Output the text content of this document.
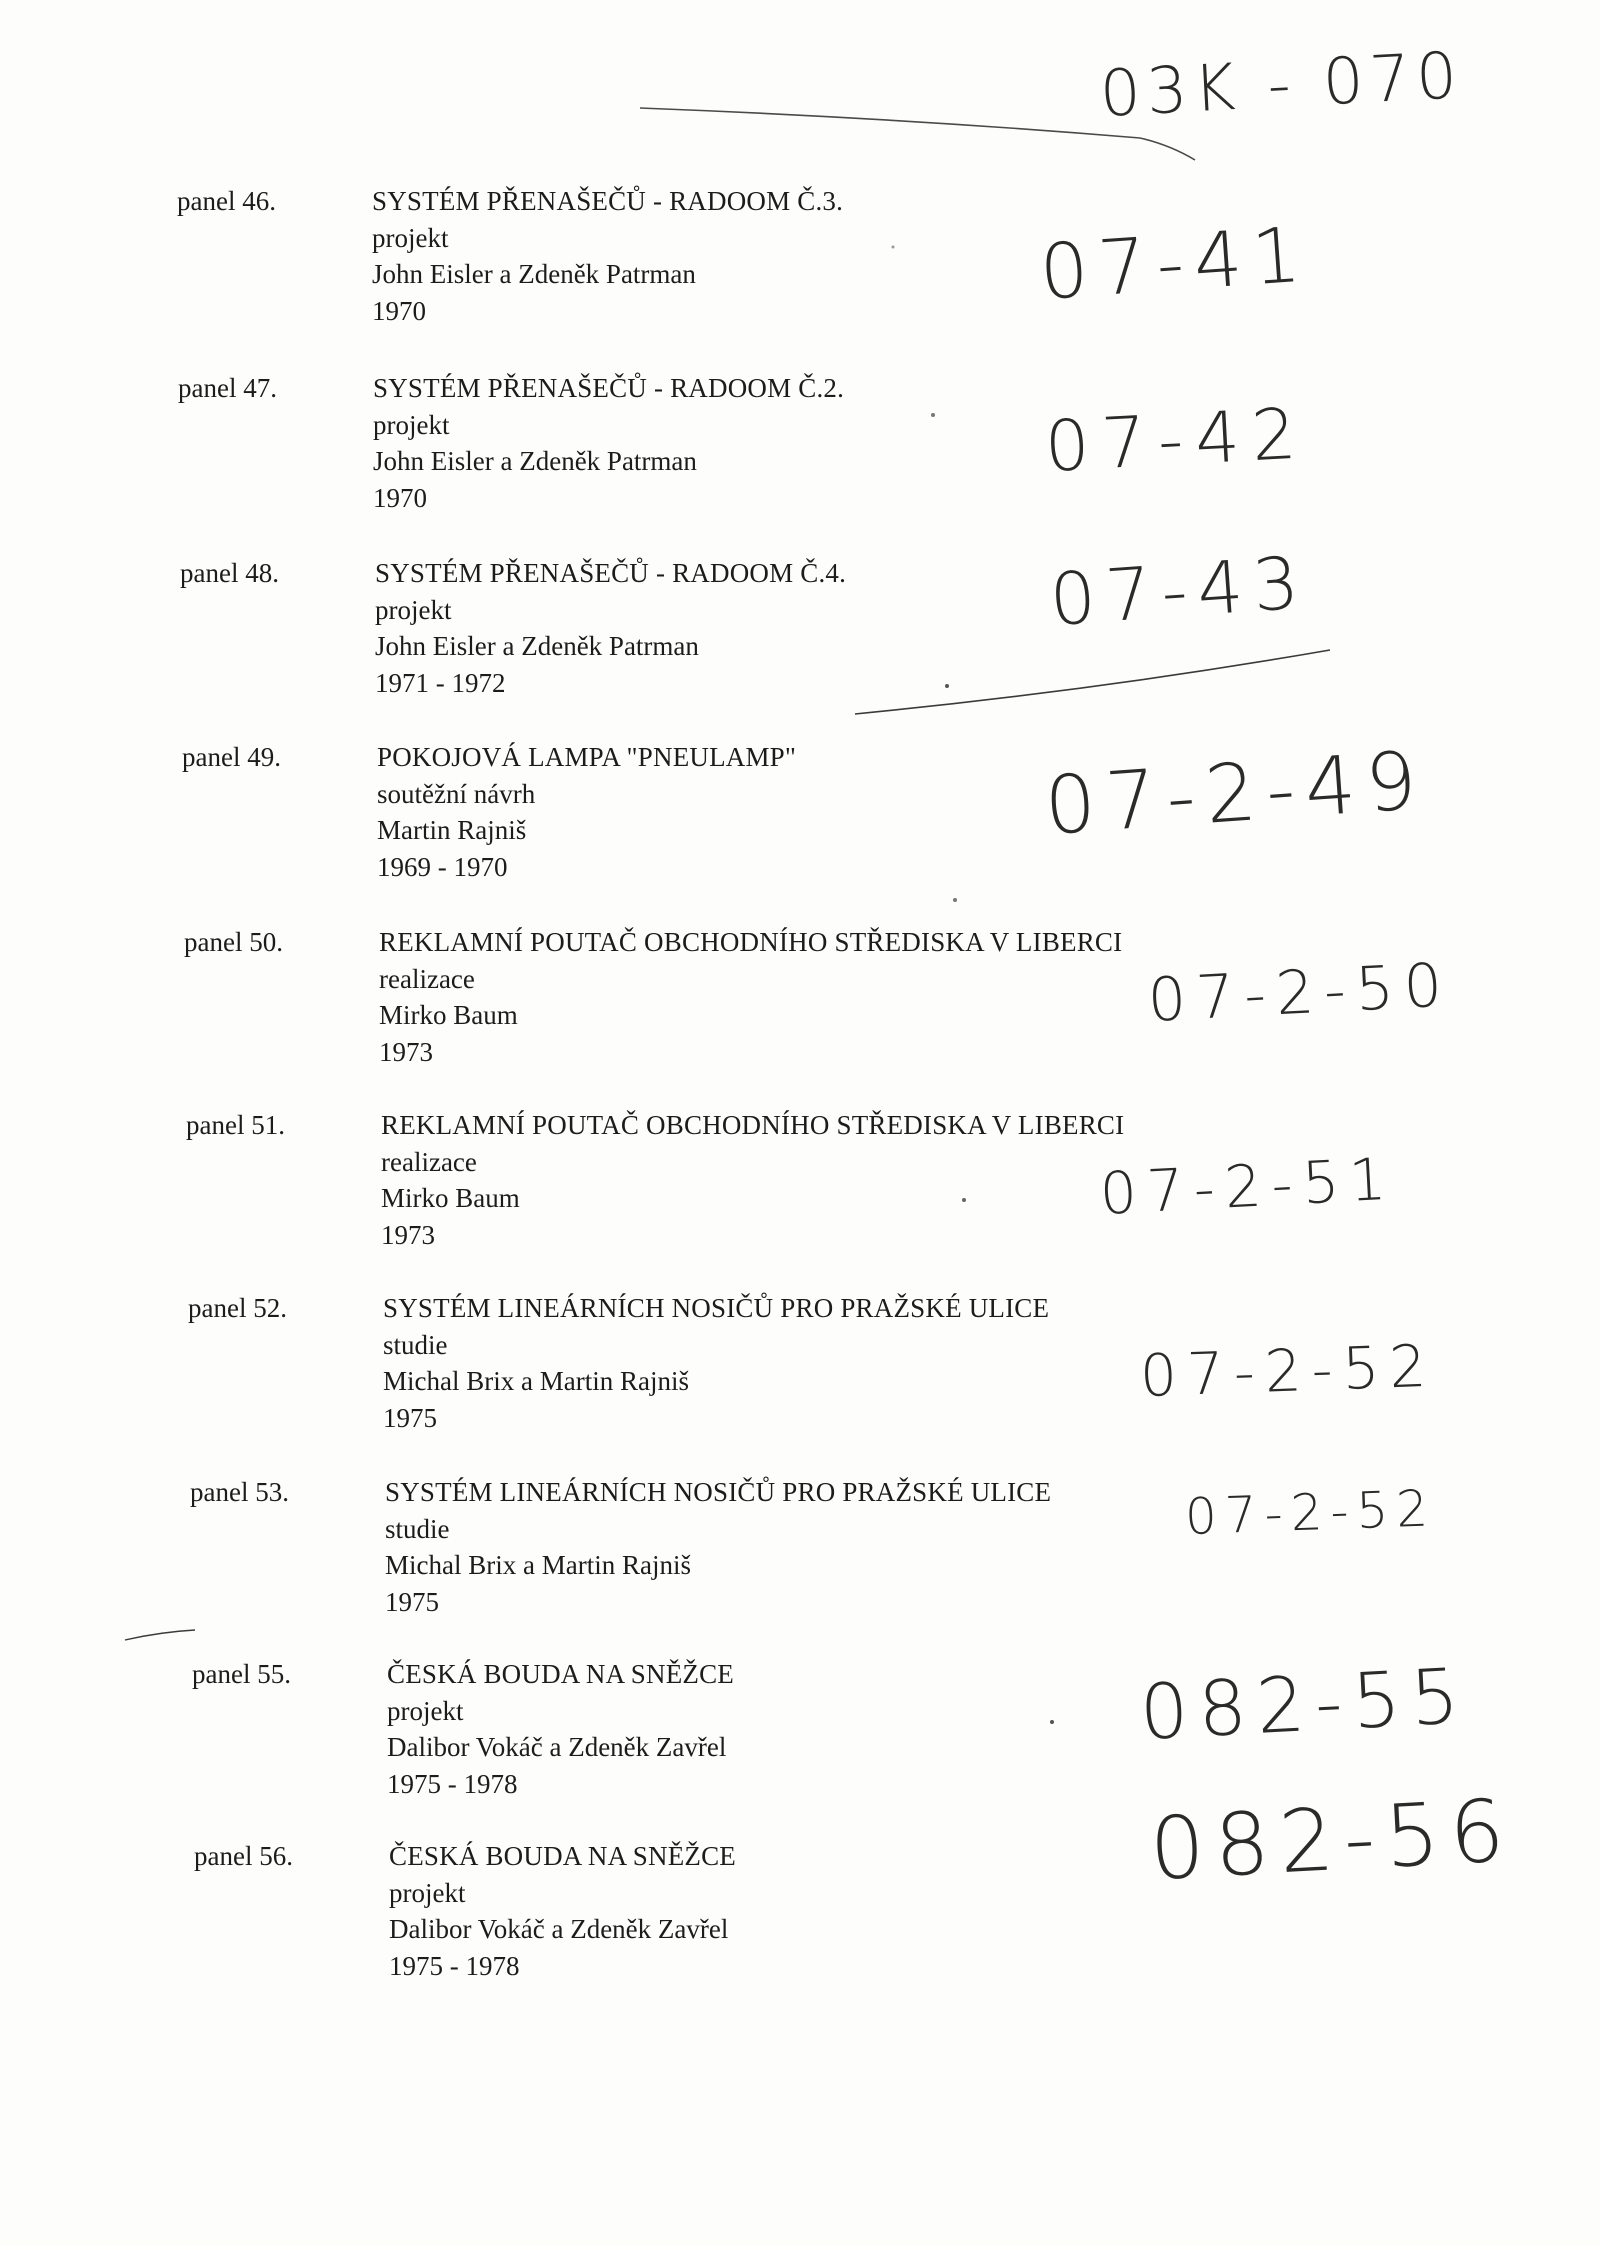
03K - 070
panel 46.	SYSTÉM PŘENAŠEČŮ - RADOOM Č.3.
projekt
John Eisler a Zdeněk Patrman
1970	07-41
panel 47.	SYSTÉM PŘENAŠEČŮ - RADOOM Č.2.
projekt
John Eisler a Zdeněk Patrman
1970
07-42
panel 48.	SYSTÉM PŘENAŠEČŮ - RADOOM Č.4.
projekt
John Eisler a Zdeněk Patrman
1971 - 1972
07-43
panel 49.	POKOJOVÁ LAMPA "PNEULAMP"
soutěžní návrh
Martin Rajniš
1969 - 1970
07-2-49
panel 50.	REKLAMNÍ POUTAČ OBCHODNÍHO STŘEDISKA V LIBERCI
realizace
Mirko Baum
1973
07-2-50
panel 51.	REKLAMNÍ POUTAČ OBCHODNÍHO STŘEDISKA V LIBERCI
realizace
Mirko Baum
1973
07-2-51
panel 52.	SYSTÉM LINEÁRNÍCH NOSIČŮ PRO PRAŽSKÉ ULICE
studie
Michal Brix a Martin Rajniš
1975
07-2-52
panel 53.	SYSTÉM LINEÁRNÍCH NOSIČŮ PRO PRAŽSKÉ ULICE
studie
Michal Brix a Martin Rajniš
1975
07-2-52
panel 55.	ČESKÁ BOUDA NA SNĚŽCE
projekt
Dalibor Vokáč a Zdeněk Zavřel
1975 - 1978
082-55
panel 56.	ČESKÁ BOUDA NA SNĚŽCE
projekt
Dalibor Vokáč a Zdeněk Zavřel
1975 - 1978
082-56
